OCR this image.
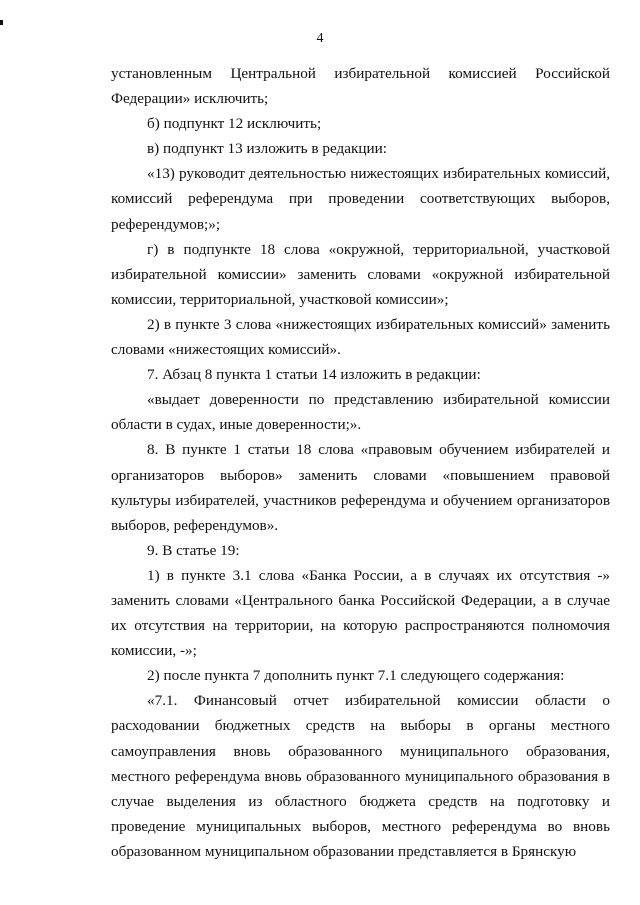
4

установленным Центральной избирательной комиссией Российской Федерации» исключить;

б) подпункт 12 исключить;

в) подпункт 13 изложить в редакции:

«13) руководит деятельностью нижестоящих избирательных комиссий, комиссий референдума при проведении соответствующих выборов, референдумов;»;

г) в подпункте 18 слова «окружной, территориальной, участковой избирательной комиссии» заменить словами «окружной избирательной комиссии, территориальной, участковой комиссии»;

2) в пункте 3 слова «нижестоящих избирательных комиссий» заменить словами «нижестоящих комиссий».

7. Абзац 8 пункта 1 статьи 14 изложить в редакции:

«выдает доверенности по представлению избирательной комиссии области в судах, иные доверенности;».

8. В пункте 1 статьи 18 слова «правовым обучением избирателей и организаторов выборов» заменить словами «повышением правовой культуры избирателей, участников референдума и обучением организаторов выборов, референдумов».

9. В статье 19:

1) в пункте 3.1 слова «Банка России, а в случаях их отсутствия -» заменить словами «Центрального банка Российской Федерации, а в случае их отсутствия на территории, на которую распространяются полномочия комиссии, -»;

2) после пункта 7 дополнить пункт 7.1 следующего содержания:

«7.1. Финансовый отчет избирательной комиссии области о расходовании бюджетных средств на выборы в органы местного самоуправления вновь образованного муниципального образования, местного референдума вновь образованного муниципального образования в случае выделения из областного бюджета средств на подготовку и проведение муниципальных выборов, местного референдума во вновь образованном муниципальном образовании представляется в Брянскую
